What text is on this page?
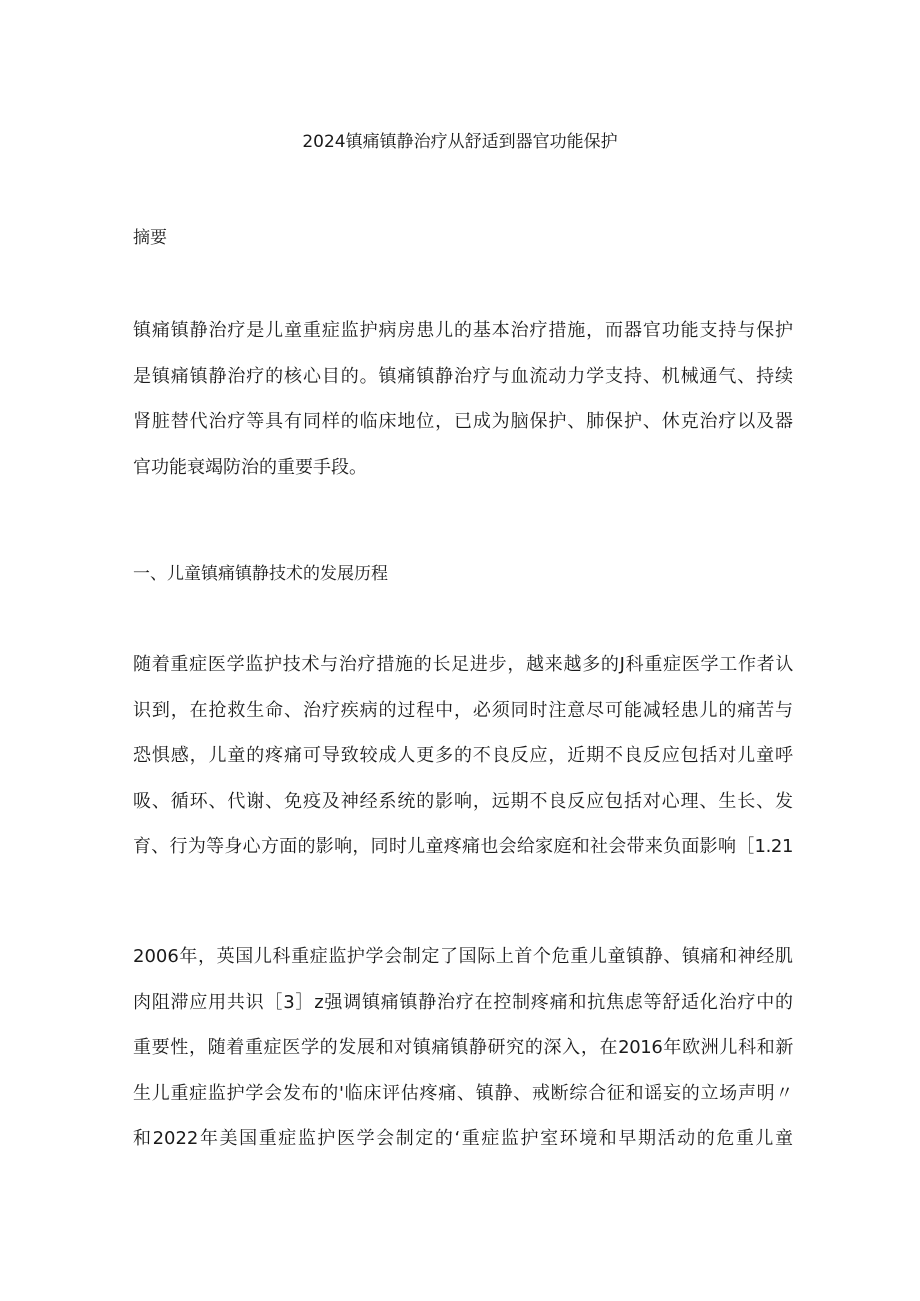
2024镇痛镇静治疗从舒适到器官功能保护
摘要
镇痛镇静治疗是儿童重症监护病房患儿的基本治疗措施，而器官功能支持与保护
是镇痛镇静治疗的核心目的。镇痛镇静治疗与血流动力学支持、机械通气、持续
肾脏替代治疗等具有同样的临床地位，已成为脑保护、肺保护、休克治疗以及器
官功能衰竭防治的重要手段。
一、儿童镇痛镇静技术的发展历程
随着重症医学监护技术与治疗措施的长足进步，越来越多的J科重症医学工作者认
识到，在抢救生命、治疗疾病的过程中，必须同时注意尽可能减轻患儿的痛苦与
恐惧感，儿童的疼痛可导致较成人更多的不良反应，近期不良反应包括对儿童呼
吸、循环、代谢、免疫及神经系统的影响，远期不良反应包括对心理、生长、发
育、行为等身心方面的影响，同时儿童疼痛也会给家庭和社会带来负面影响［1.21
2006年，英国儿科重症监护学会制定了国际上首个危重儿童镇静、镇痛和神经肌
肉阻滞应用共识［3］z强调镇痛镇静治疗在控制疼痛和抗焦虑等舒适化治疗中的
重要性，随着重症医学的发展和对镇痛镇静研究的深入，在2016年欧洲儿科和新
生儿重症监护学会发布的'临床评估疼痛、镇静、戒断综合征和谣妄的立场声明〃
和2022年美国重症监护医学会制定的‘重症监护室环境和早期活动的危重儿童
